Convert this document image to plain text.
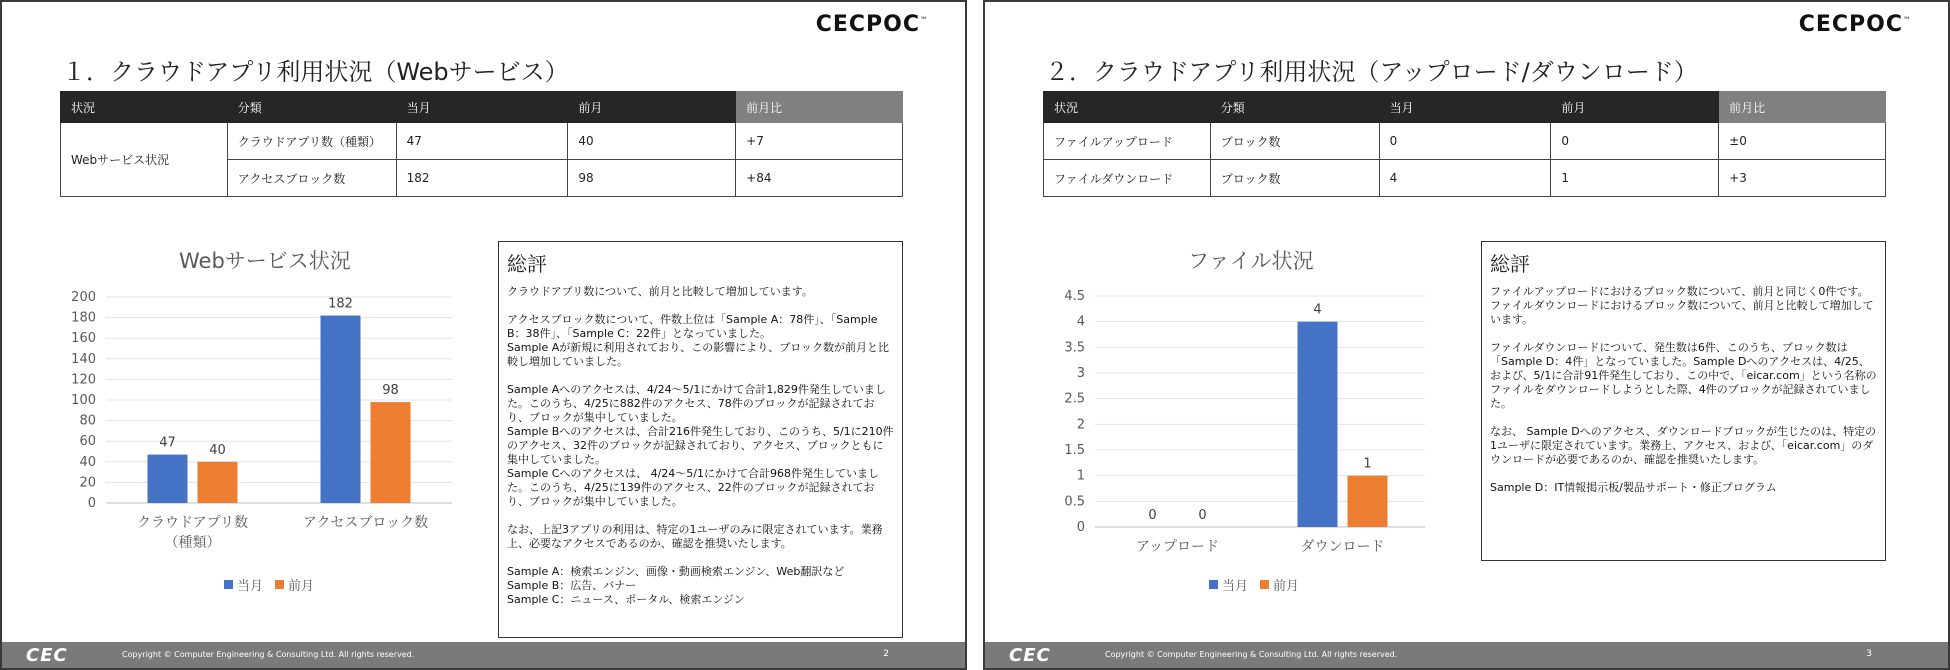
CECPOC™
１．クラウドアプリ利用状況（Webサービス）
状況	分類	当月	前月	前月比
Webサービス状況	クラウドアプリ数（種類）	47	40	+7
	アクセスブロック数	182	98	+84
Webサービス状況
0
20
40
60
80
100
120
140
160
180
200
47	40
クラウドアプリ数（種類）
182
98
アクセスブロック数
当月 前月
総評
クラウドアプリ数について、前月と比較して増加しています。

アクセスブロック数について、件数上位は「Sample A：78件」、「Sample B：38件」、「Sample C：22件」となっていました。
Sample Aが新規に利用されており、この影響により、ブロック数が前月と比較し増加していました。

Sample Aへのアクセスは、4/24～5/1にかけて合計1,829件発生していました。このうち、4/25に882件のアクセス、78件のブロックが記録されており、ブロックが集中していました。
Sample Bへのアクセスは、合計216件発生しており、このうち、5/1に210件のアクセス、32件のブロックが記録されており、アクセス、ブロックともに集中していました。
Sample Cへのアクセスは、 4/24～5/1にかけて合計968件発生していました。このうち、4/25に139件のアクセス、22件のブロックが記録されており、ブロックが集中していました。

なお、上記3アプリの利用は、特定の1ユーザのみに限定されています。業務上、必要なアクセスであるのか、確認を推奨いたします。

Sample A：検索エンジン、画像・動画検索エンジン、Web翻訳など
Sample B：広告、バナー
Sample C：ニュース、ポータル、検索エンジン
CEC	Copyright © Computer Engineering & Consulting Ltd. All rights reserved.	2
CECPOC™
２．クラウドアプリ利用状況（アップロード/ダウンロード）
状況	分類	当月	前月	前月比
ファイルアップロード	ブロック数	0	0	±0
ファイルダウンロード	ブロック数	4	1	+3
ファイル状況
0
0.5
1
1.5
2
2.5
3
3.5
4
4.5
0	0
アップロード
4
1
ダウンロード
当月 前月
総評
ファイルアップロードにおけるブロック数について、前月と同じく0件です。
ファイルダウンロードにおけるブロック数について、前月と比較して増加しています。

ファイルダウンロードについて、発生数は6件、このうち、ブロック数は「Sample D：4件」となっていました。Sample Dへのアクセスは、4/25、および、5/1に合計91件発生しており、この中で、「eicar.com」という名称のファイルをダウンロードしようとした際、4件のブロックが記録されていました。

なお、 Sample Dへのアクセス、ダウンロードブロックが生じたのは、特定の1ユーザに限定されています。業務上、アクセス、および、「eicar.com」のダウンロードが必要であるのか、確認を推奨いたします。

Sample D：IT情報掲示板/製品サポート・修正プログラム
CEC	Copyright © Computer Engineering & Consulting Ltd. All rights reserved.	3
